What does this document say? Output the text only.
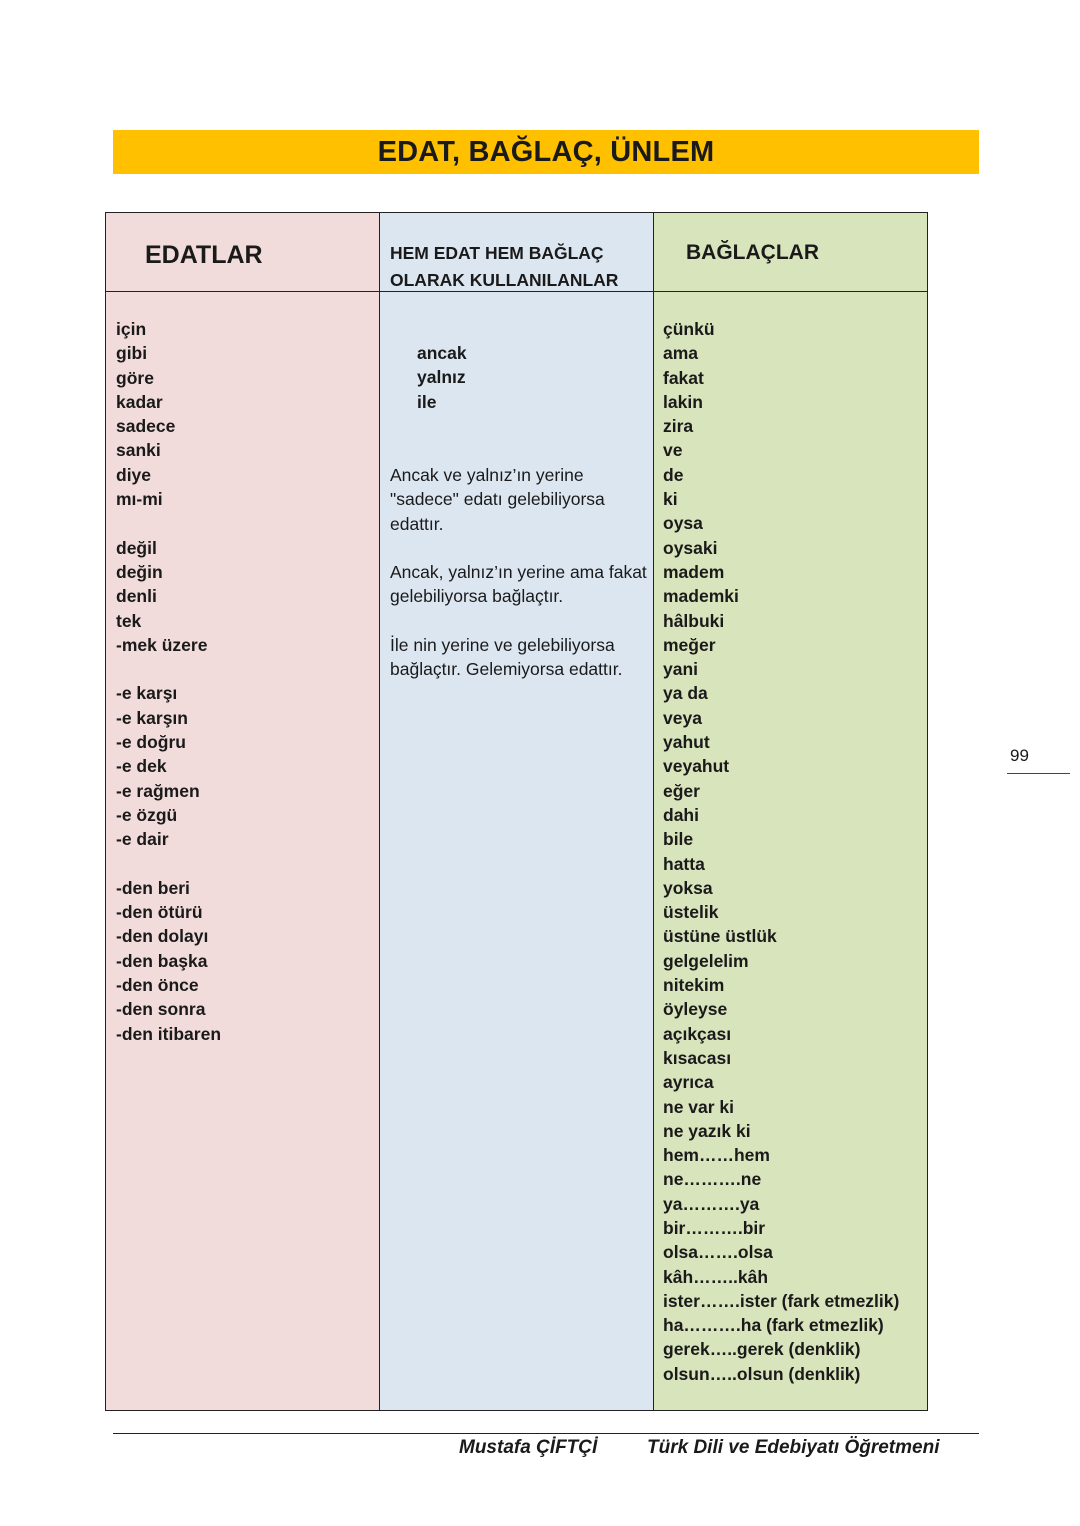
EDAT, BAĞLAÇ, ÜNLEM
EDATLAR
için
gibi
göre
kadar
sadece
sanki
diye
mı-mi
değil
değin
denli
tek
-mek üzere
-e karşı
-e karşın
-e doğru
-e dek
-e rağmen
-e özgü
-e dair
-den beri
-den ötürü
-den dolayı
-den başka
-den önce
-den sonra
-den itibaren
HEM EDAT HEM BAĞLAÇ
OLARAK KULLANILANLAR
ancak
yalnız
ile

Ancak ve yalnız’ın yerine "sadece" edatı gelebiliyorsa edattır.

Ancak, yalnız’ın yerine ama fakat gelebiliyorsa bağlaçtır.

İle nin yerine ve gelebiliyorsa bağlaçtır. Gelemiyorsa edattır.

BAĞLAÇLAR
çünkü
ama
fakat
lakin
zira
ve
de
ki
oysa
oysaki
madem
mademki
hâlbuki
meğer
yani
ya da
veya
yahut
veyahut
eğer
dahi
bile
hatta
yoksa
üstelik
üstüne üstlük
gelgelelim
nitekim
öyleyse
açıkçası
kısacası
ayrıca
ne var ki
ne yazık ki
hem……hem
ne……….ne
ya……….ya
bir……….bir
olsa…….olsa
kâh……..kâh
ister…….ister (fark etmezlik)
ha……….ha (fark etmezlik)
gerek…..gerek (denklik)
olsun…..olsun (denklik)
99
Mustafa ÇİFTÇİ	Türk Dili ve Edebiyatı Öğretmeni
